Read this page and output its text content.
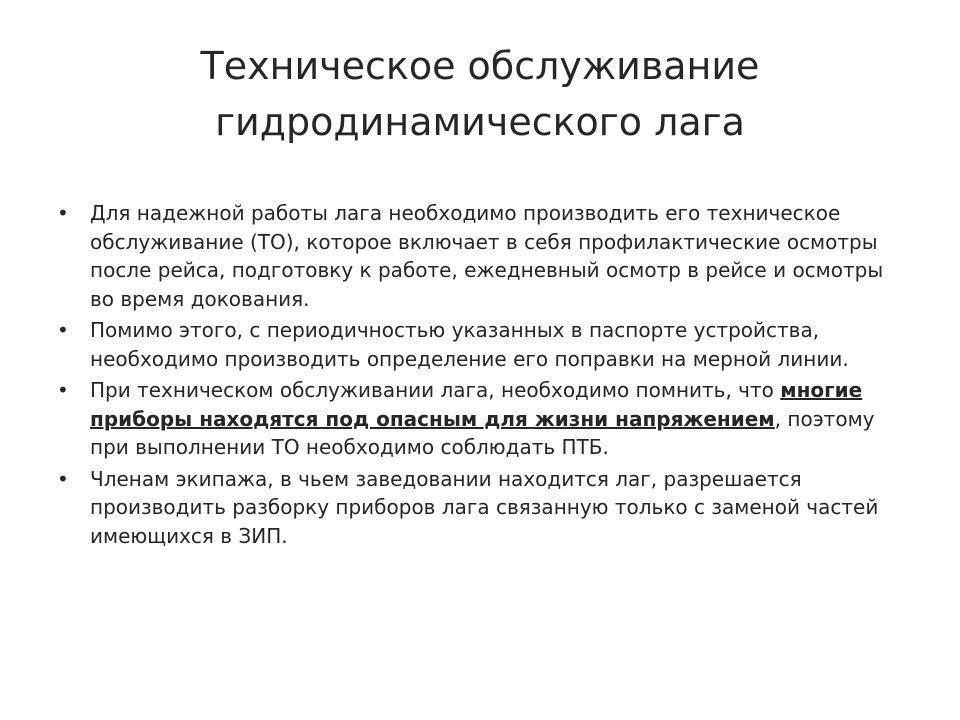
Техническое обслуживание
гидродинамического лага
• Для надежной работы лага необходимо производить его техническое обслуживание (ТО), которое включает в себя профилактические осмотры после рейса, подготовку к работе, ежедневный осмотр в рейсе и осмотры во время докования.
• Помимо этого, с периодичностью указанных в паспорте устройства, необходимо производить определение его поправки на мерной линии.
• При техническом обслуживании лага, необходимо помнить, что многие приборы находятся под опасным для жизни напряжением, поэтому при выполнении ТО необходимо соблюдать ПТБ.
• Членам экипажа, в чьем заведовании находится лаг, разрешается производить разборку приборов лага связанную только с заменой частей имеющихся в ЗИП.
